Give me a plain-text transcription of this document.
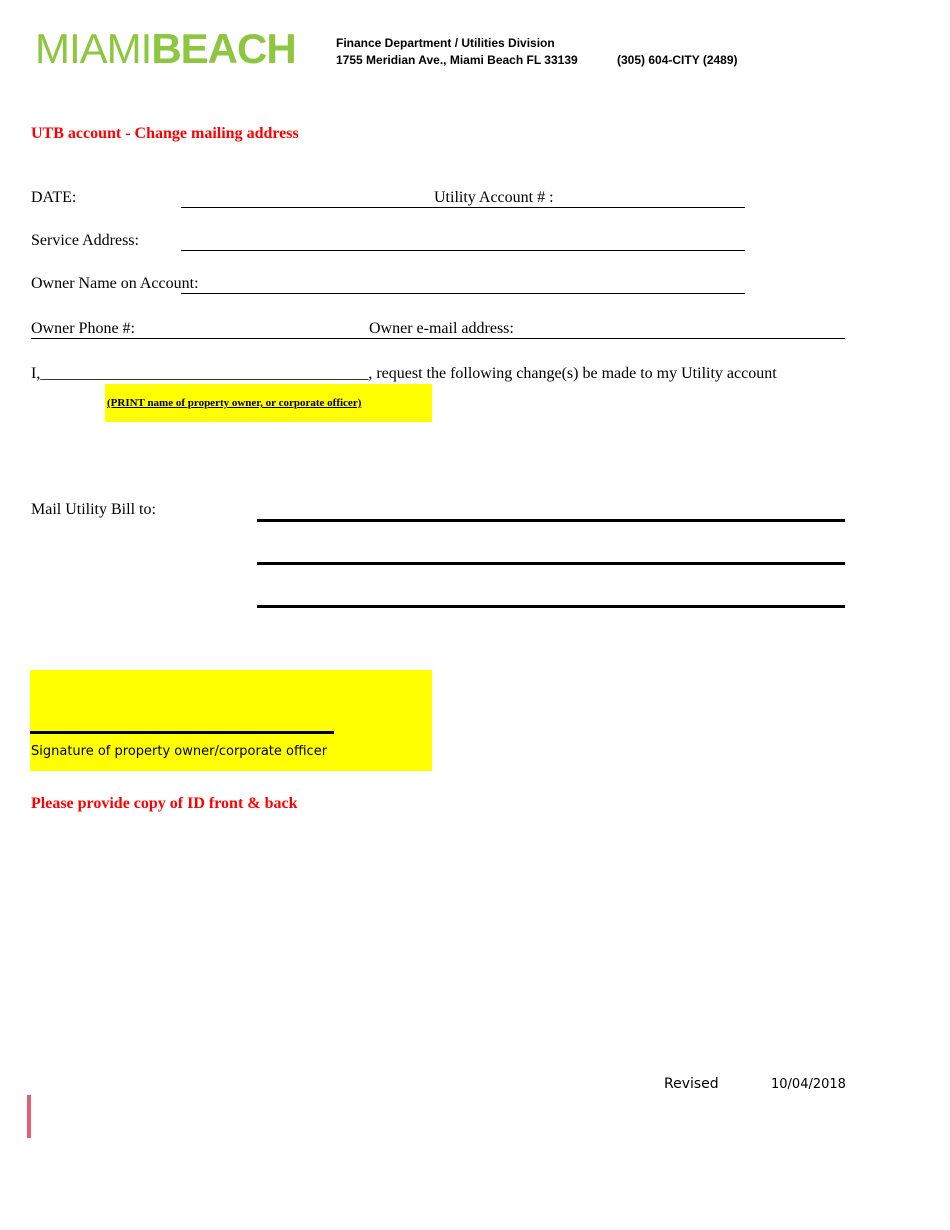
MIAMIBEACH	Finance Department / Utilities Division
1755 Meridian Ave., Miami Beach FL 33139	(305) 604-CITY (2489)
UTB account - Change mailing address
DATE:	Utility Account # :
Service Address:
Owner Name on Account:
Owner Phone #:	Owner e-mail address:
I,_________________________________________, request the following change(s) be made to my Utility account
(PRINT name of property owner, or corporate officer)
Mail Utility Bill to:
Signature of property owner/corporate officer
Please provide copy of ID front & back
Revised	10/04/2018
